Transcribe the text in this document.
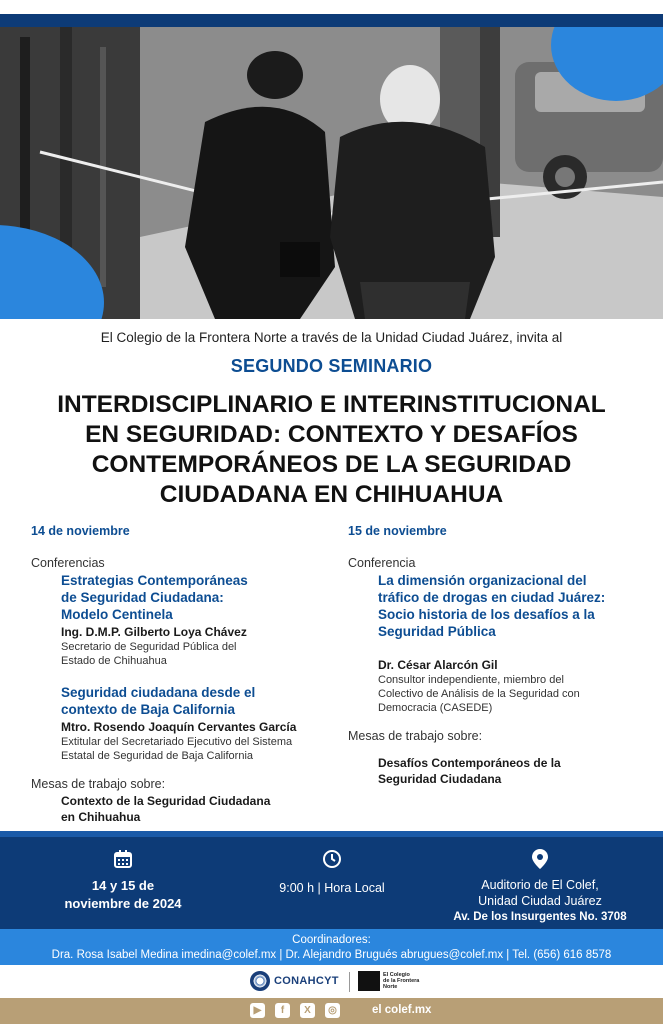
El Colegio de la Frontera Norte a través de la Unidad Ciudad Juárez, invita al
SEGUNDO SEMINARIO
INTERDISCIPLINARIO E INTERINSTITUCIONAL
EN SEGURIDAD: CONTEXTO Y DESAFÍOS
CONTEMPORÁNEOS DE LA SEGURIDAD
CIUDADANA EN CHIHUAHUA
14 de noviembre
Conferencias
Estrategias Contemporáneas
de Seguridad Ciudadana:
Modelo Centinela
Ing. D.M.P. Gilberto Loya Chávez
Secretario de Seguridad Pública del
Estado de Chihuahua
Seguridad ciudadana desde el
contexto de Baja California
Mtro. Rosendo Joaquín Cervantes García
Extitular del Secretariado Ejecutivo del Sistema
Estatal de Seguridad de Baja California
Mesas de trabajo sobre:
Contexto de la Seguridad Ciudadana
en Chihuahua
15 de noviembre
Conferencia
La dimensión organizacional del
tráfico de drogas en ciudad Juárez:
Socio historia de los desafíos a la
Seguridad Pública
Dr. César Alarcón Gil
Consultor independiente, miembro del
Colectivo de Análisis de la Seguridad con
Democracia (CASEDE)
Mesas de trabajo sobre:
Desafíos Contemporáneos de la
Seguridad Ciudadana
14 y 15 de
noviembre de 2024
9:00 h | Hora Local	Auditorio de El Colef,
Unidad Ciudad Juárez
Av. De los Insurgentes No. 3708
Coordinadores:
Dra. Rosa Isabel Medina imedina@colef.mx | Dr. Alejandro Brugués abrugues@colef.mx | Tel. (656) 616 8578
CONAHCYT	El Colegio
de la Frontera
Norte
▶	f	X	◎	el colef.mx
